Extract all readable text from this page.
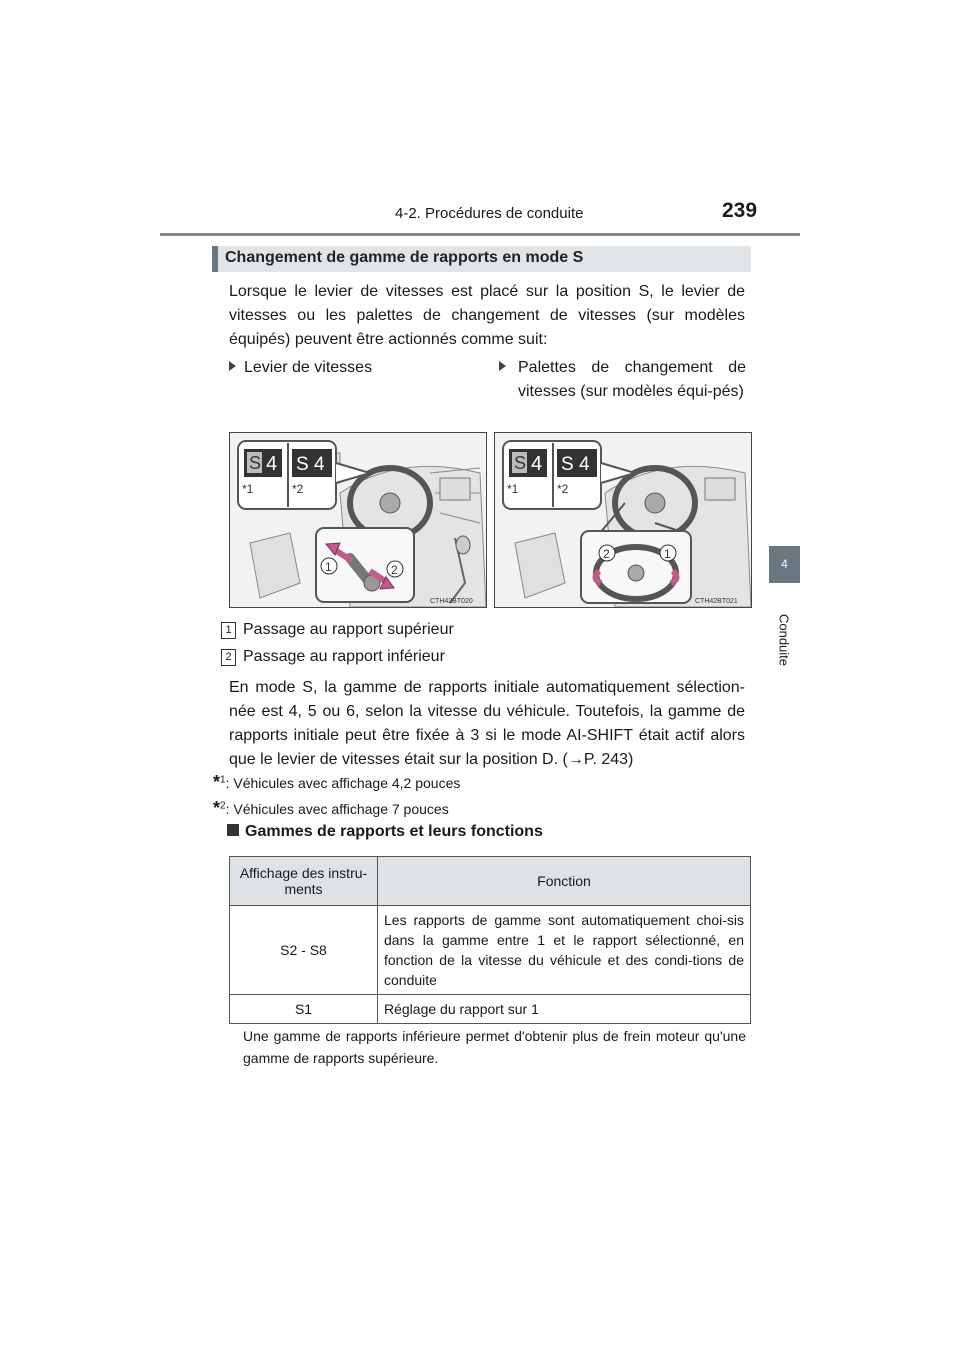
4-2. Procédures de conduite	239
4
Conduite
Changement de gamme de rapports en mode S
Lorsque le levier de vitesses est placé sur la position S, le levier de vitesses ou les palettes de changement de vitesses (sur modèles équipés) peuvent être actionnés comme suit:
Levier de vitesses	Palettes de changement de vitesses (sur modèles équi-pés)
S 4 S 4
*1	*2
1	2
CTH42BT020
S 4 S 4
*1	*2
2	1
CTH42BT021
1 Passage au rapport supérieur
2 Passage au rapport inférieur
En mode S, la gamme de rapports initiale automatiquement sélection-née est 4, 5 ou 6, selon la vitesse du véhicule. Toutefois, la gamme de rapports initiale peut être fixée à 3 si le mode AI-SHIFT était actif alors que le levier de vitesses était sur la position D. (→P. 243)
*$^1$: Véhicules avec affichage 4,2 pouces
*$^2$: Véhicules avec affichage 7 pouces
Gammes de rapports et leurs fonctions
Affichage des instru-ments	Fonction
S2 - S8	Les rapports de gamme sont automatiquement choi-sis dans la gamme entre 1 et le rapport sélectionné, en fonction de la vitesse du véhicule et des condi-tions de conduite
S1	Réglage du rapport sur 1
Une gamme de rapports inférieure permet d'obtenir plus de frein moteur qu'une gamme de rapports supérieure.
